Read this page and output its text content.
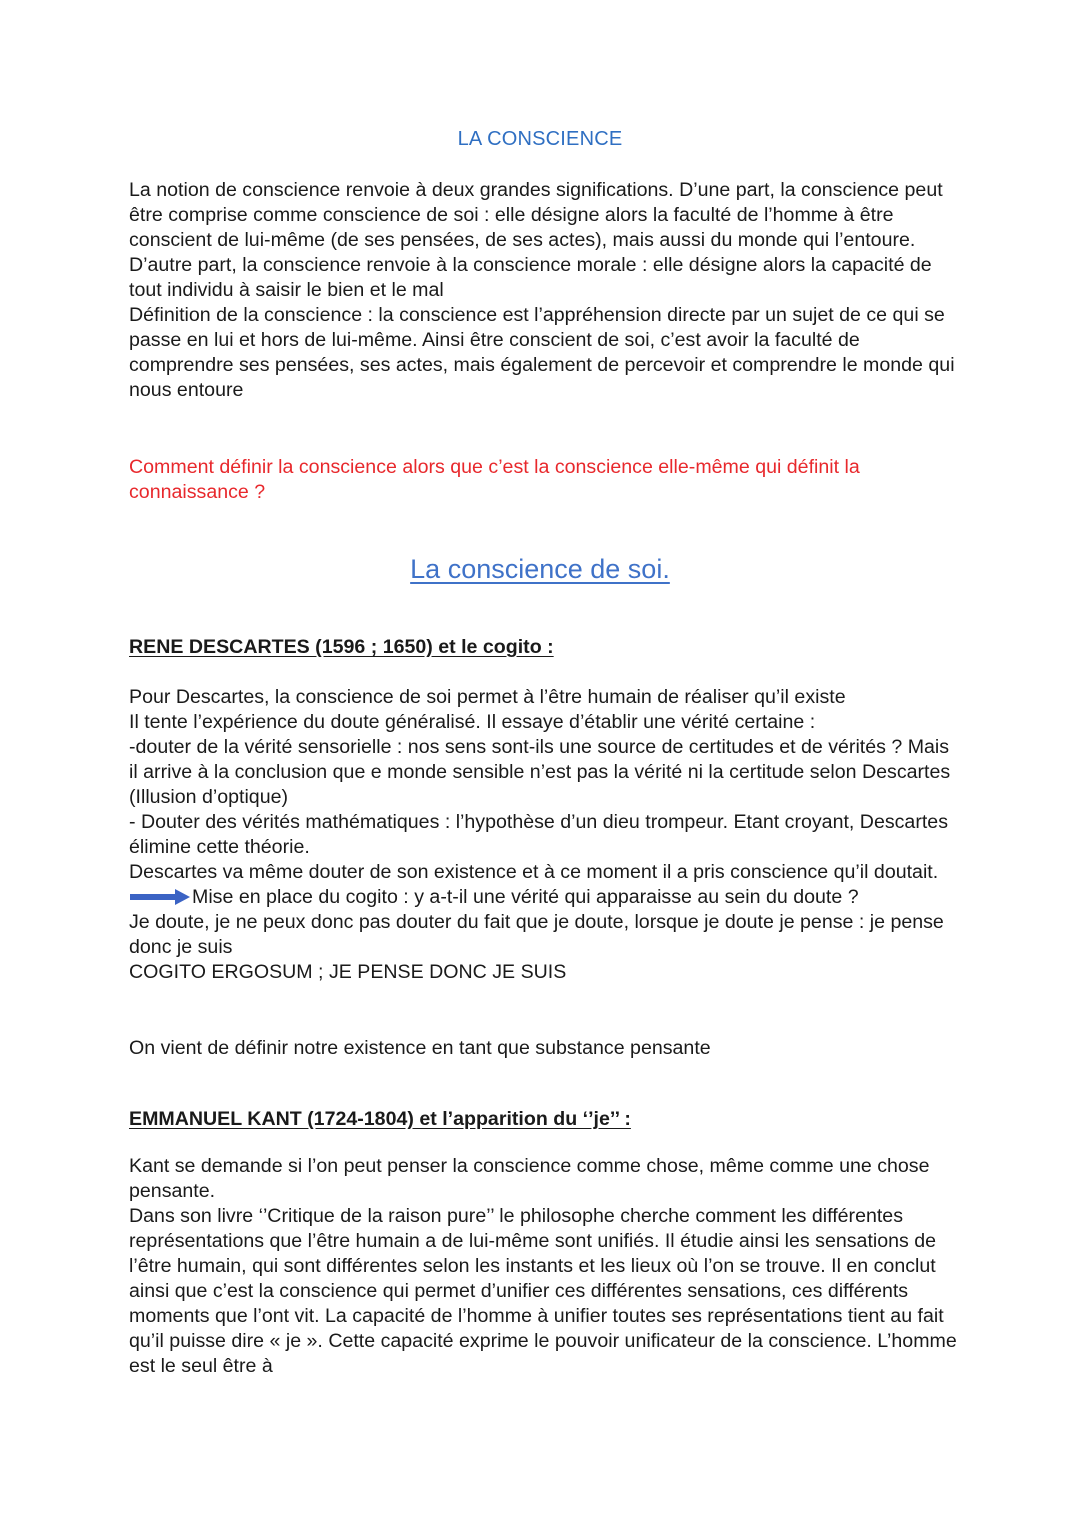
LA CONSCIENCE

La notion de conscience renvoie à deux grandes significations. D’une part, la conscience peut être comprise comme conscience de soi : elle désigne alors la faculté de l’homme à être conscient de lui-même (de ses pensées, de ses actes), mais aussi du monde qui l’entoure. D’autre part, la conscience renvoie à la conscience morale : elle désigne alors la capacité de tout individu à saisir le bien et le mal

Définition de la conscience : la conscience est l’appréhension directe par un sujet de ce qui se passe en lui et hors de lui-même. Ainsi être conscient de soi, c’est avoir la faculté de comprendre ses pensées, ses actes, mais également de percevoir et comprendre le monde qui nous entoure

Comment définir la conscience alors que c’est la conscience elle-même qui définit la connaissance ?

La conscience de soi.
RENE DESCARTES (1596 ; 1650) et le cogito :

Pour Descartes, la conscience de soi permet à l’être humain de réaliser qu’il existe

Il tente l’expérience du doute généralisé. Il essaye d’établir une vérité certaine :

-douter de la vérité sensorielle : nos sens sont-ils une source de certitudes et de vérités ? Mais il arrive à la conclusion que e monde sensible n’est pas la vérité ni la certitude selon Descartes (Illusion d’optique)

- Douter des vérités mathématiques : l’hypothèse d’un dieu trompeur. Etant croyant, Descartes élimine cette théorie.

Descartes va même douter de son existence et à ce moment il a pris conscience qu’il doutait.

Mise en place du cogito : y a-t-il une vérité qui apparaisse au sein du doute ?

Je doute, je ne peux donc pas douter du fait que je doute, lorsque je doute je pense : je pense donc je suis

COGITO ERGOSUM ; JE PENSE DONC JE SUIS

On vient de définir notre existence en tant que substance pensante

EMMANUEL KANT (1724-1804) et l’apparition du ‘’je’’ :

Kant se demande si l’on peut penser la conscience comme chose, même comme une chose pensante.

Dans son livre ‘’Critique de la raison pure’’ le philosophe cherche comment les différentes représentations que l’être humain a de lui-même sont unifiés. Il étudie ainsi les sensations de l’être humain, qui sont différentes selon les instants et les lieux où l’on se trouve. Il en conclut ainsi que c’est la conscience qui permet d’unifier ces différentes sensations, ces différents moments que l’ont vit. La capacité de l’homme à unifier toutes ses représentations tient au fait qu’il puisse dire « je ». Cette capacité exprime le pouvoir unificateur de la conscience. L’homme est le seul être à
